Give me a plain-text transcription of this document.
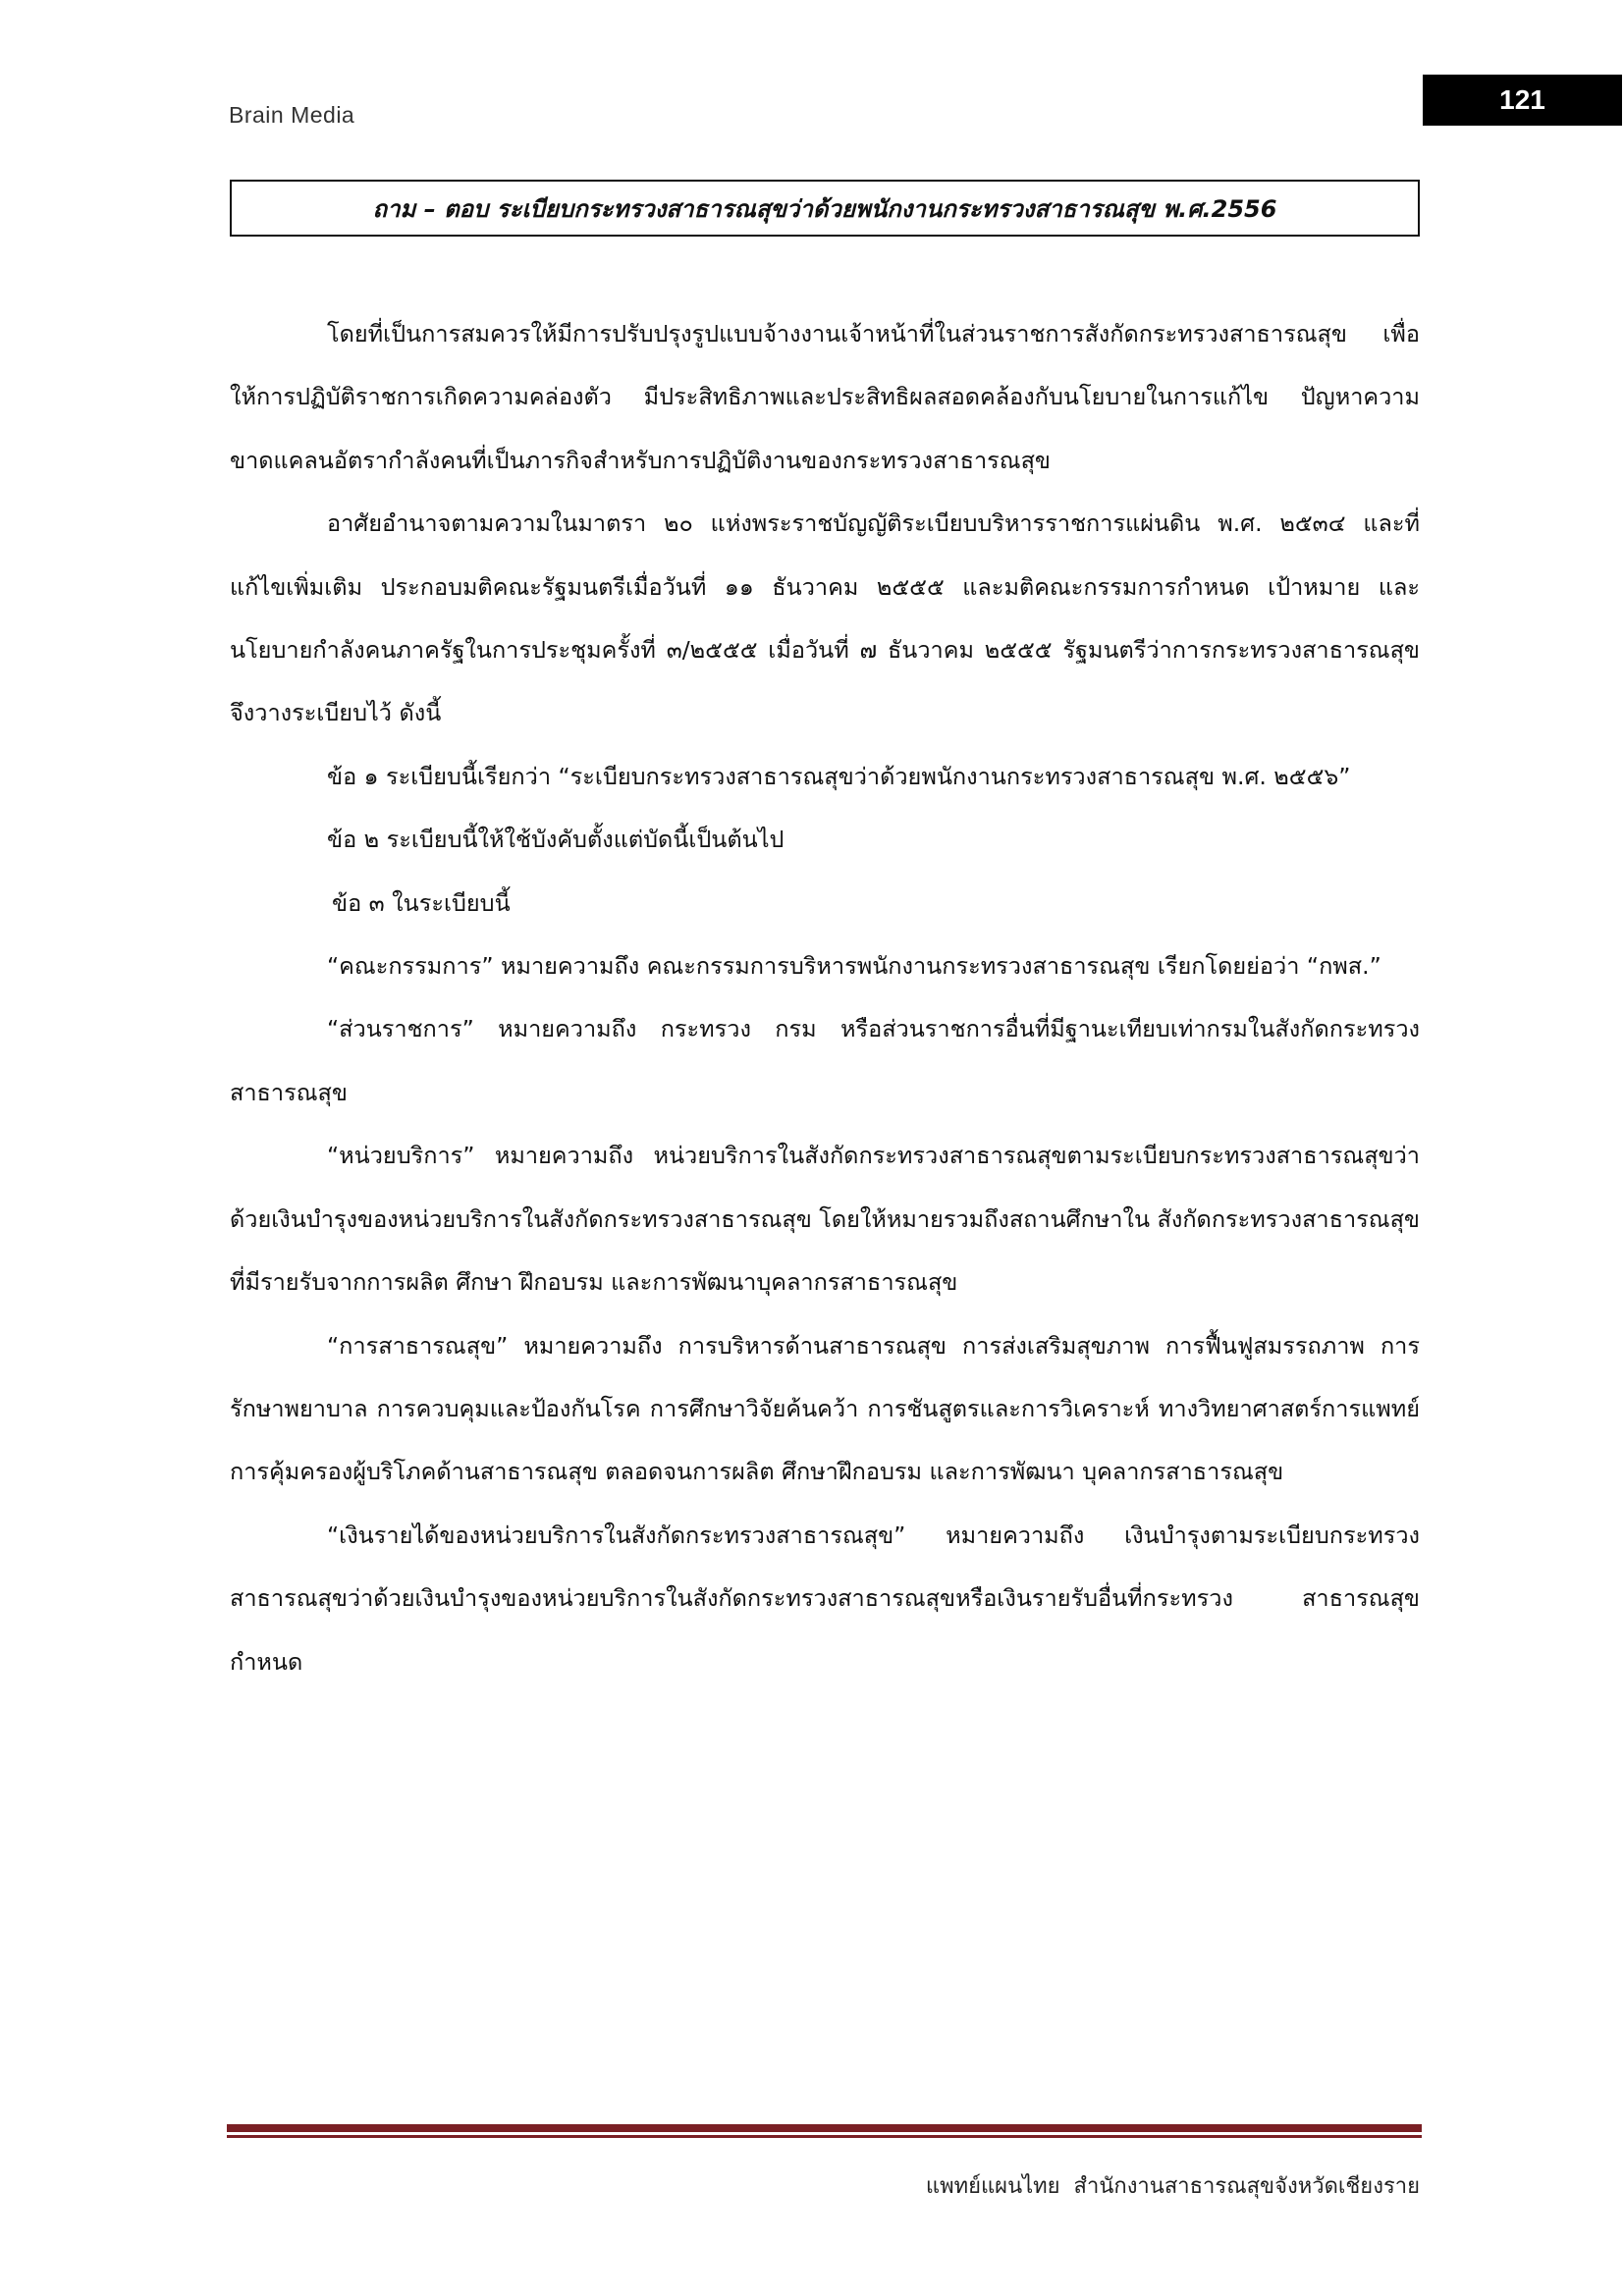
Brain Media	121
ถาม – ตอบ ระเบียบกระทรวงสาธารณสุขว่าด้วยพนักงานกระทรวงสาธารณสุข พ.ศ.2556

โดยที่เป็นการสมควรให้มีการปรับปรุงรูปแบบจ้างงานเจ้าหน้าที่ในส่วนราชการสังกัดกระทรวงสาธารณสุข เพื่อให้การปฏิบัติราชการเกิดความคล่องตัว มีประสิทธิภาพและประสิทธิผลสอดคล้องกับนโยบายในการแก้ไข ปัญหาความขาดแคลนอัตรากำลังคนที่เป็นภารกิจสำหรับการปฏิบัติงานของกระทรวงสาธารณสุข

อาศัยอำนาจตามความในมาตรา ๒๐ แห่งพระราชบัญญัติระเบียบบริหารราชการแผ่นดิน พ.ศ. ๒๕๓๔ และที่แก้ไขเพิ่มเติม ประกอบมติคณะรัฐมนตรีเมื่อวันที่ ๑๑ ธันวาคม ๒๕๕๕ และมติคณะกรรมการกำหนด เป้าหมาย และนโยบายกำลังคนภาครัฐในการประชุมครั้งที่ ๓/๒๕๕๕ เมื่อวันที่ ๗ ธันวาคม ๒๕๕๕ รัฐมนตรีว่าการกระทรวงสาธารณสุขจึงวางระเบียบไว้ ดังนี้

ข้อ ๑ ระเบียบนี้เรียกว่า “ระเบียบกระทรวงสาธารณสุขว่าด้วยพนักงานกระทรวงสาธารณสุข พ.ศ. ๒๕๕๖”

ข้อ ๒ ระเบียบนี้ให้ใช้บังคับตั้งแต่บัดนี้เป็นต้นไป

ข้อ ๓ ในระเบียบนี้

“คณะกรรมการ” หมายความถึง คณะกรรมการบริหารพนักงานกระทรวงสาธารณสุข เรียกโดยย่อว่า “กพส.”

“ส่วนราชการ” หมายความถึง กระทรวง กรม หรือส่วนราชการอื่นที่มีฐานะเทียบเท่ากรมในสังกัดกระทรวงสาธารณสุข

“หน่วยบริการ” หมายความถึง หน่วยบริการในสังกัดกระทรวงสาธารณสุขตามระเบียบกระทรวงสาธารณสุขว่าด้วยเงินบำรุงของหน่วยบริการในสังกัดกระทรวงสาธารณสุข โดยให้หมายรวมถึงสถานศึกษาใน สังกัดกระทรวงสาธารณสุขที่มีรายรับจากการผลิต ศึกษา ฝึกอบรม และการพัฒนาบุคลากรสาธารณสุข

“การสาธารณสุข” หมายความถึง การบริหารด้านสาธารณสุข การส่งเสริมสุขภาพ การฟื้นฟูสมรรถภาพ การรักษาพยาบาล การควบคุมและป้องกันโรค การศึกษาวิจัยค้นคว้า การชันสูตรและการวิเคราะห์ ทางวิทยาศาสตร์การแพทย์ การคุ้มครองผู้บริโภคด้านสาธารณสุข ตลอดจนการผลิต ศึกษาฝึกอบรม และการพัฒนา บุคลากรสาธารณสุข

“เงินรายได้ของหน่วยบริการในสังกัดกระทรวงสาธารณสุข” หมายความถึง เงินบำรุงตามระเบียบกระทรวงสาธารณสุขว่าด้วยเงินบำรุงของหน่วยบริการในสังกัดกระทรวงสาธารณสุขหรือเงินรายรับอื่นที่กระทรวง สาธารณสุขกำหนด

แพทย์แผนไทย  สำนักงานสาธารณสุขจังหวัดเชียงราย
